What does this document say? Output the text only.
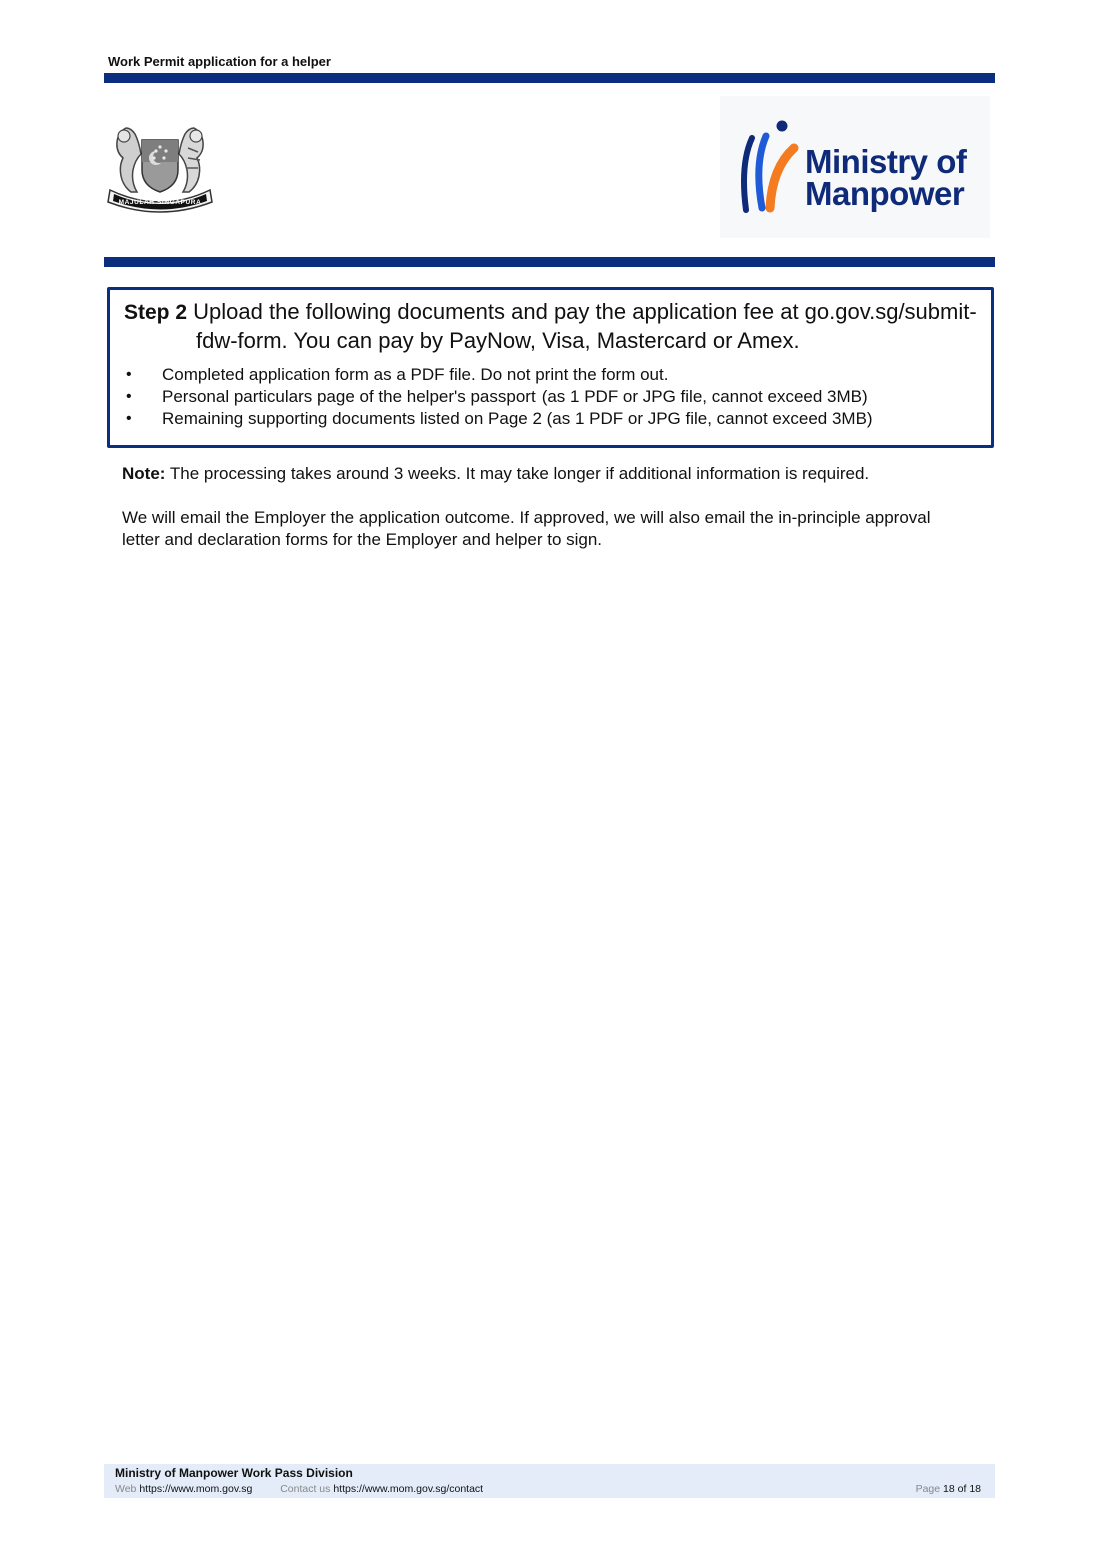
Work Permit application for a helper
MAJULAH SINGAPURA
Ministry of
Manpower
Step 2 Upload the following documents and pay the application fee at go.gov.sg/submit-
fdw-form. You can pay by PayNow, Visa, Mastercard or Amex.
• Completed application form as a PDF file. Do not print the form out.
• Personal particulars page of the helper's passport (as 1 PDF or JPG file, cannot exceed 3MB)
• Remaining supporting documents listed on Page 2 (as 1 PDF or JPG file, cannot exceed 3MB)
Note: The processing takes around 3 weeks. It may take longer if additional information is required.
We will email the Employer the application outcome. If approved, we will also email the in-principle approval letter and declaration forms for the Employer and helper to sign.
Ministry of Manpower Work Pass Division
Web https://www.mom.gov.sg	Contact us https://www.mom.gov.sg/contact	Page 18 of 18
